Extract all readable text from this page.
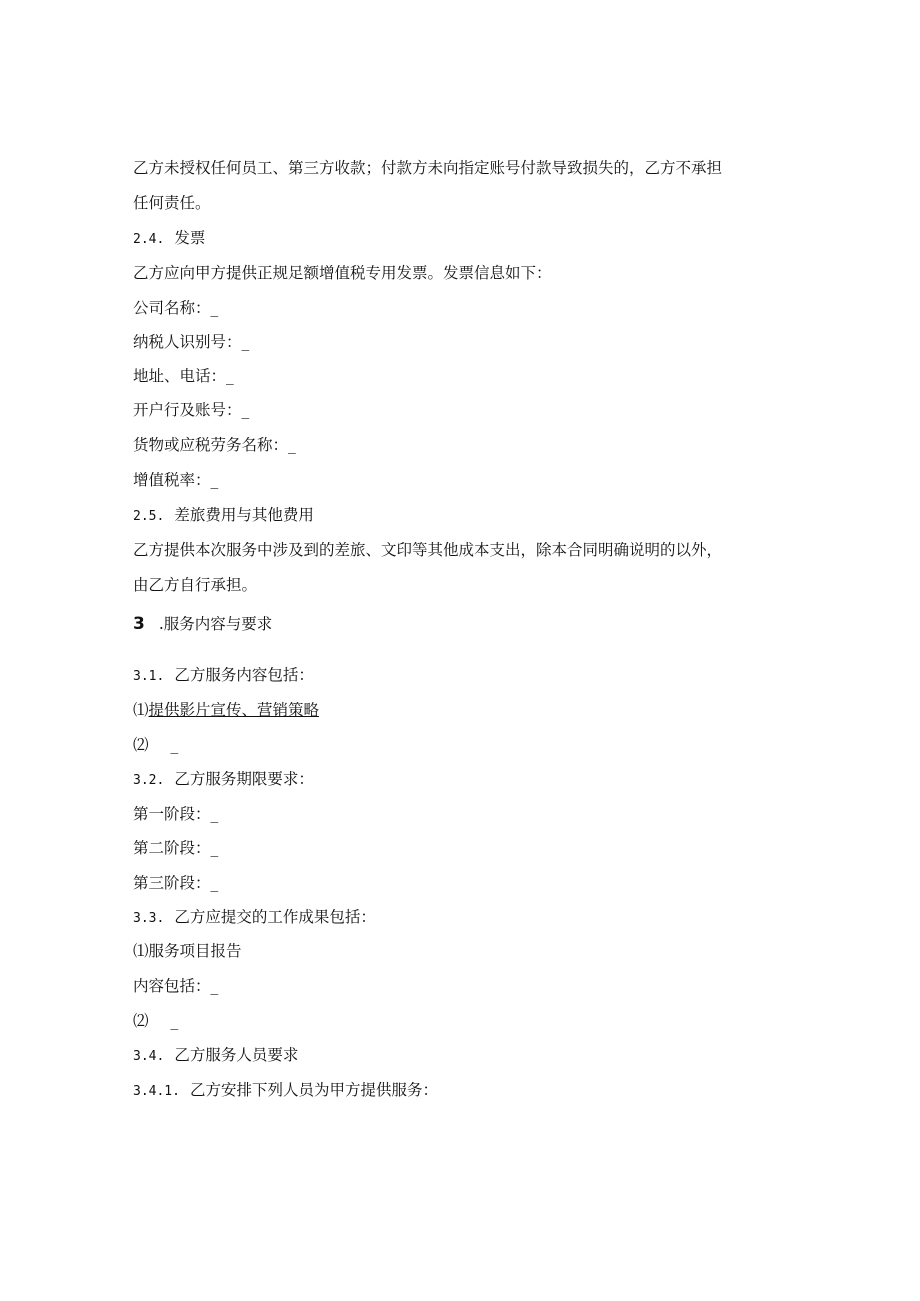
乙方未授权任何员工、第三方收款；付款方未向指定账号付款导致损失的，乙方不承担
任何责任。
2.4. 发票
乙方应向甲方提供正规足额增值税专用发票。发票信息如下：
公司名称：_
纳税人识别号：_
地址、电话：_
开户行及账号：_
货物或应税劳务名称：_
增值税率：_
2.5. 差旅费用与其他费用
乙方提供本次服务中涉及到的差旅、文印等其他成本支出，除本合同明确说明的以外，
由乙方自行承担。
3 .服务内容与要求
3.1. 乙方服务内容包括：
⑴提供影片宣传、营销策略
⑵ _
3.2. 乙方服务期限要求：
第一阶段：_
第二阶段：_
第三阶段：_
3.3. 乙方应提交的工作成果包括：
⑴服务项目报告
内容包括：_
⑵ _
3.4. 乙方服务人员要求
3.4.1. 乙方安排下列人员为甲方提供服务：
